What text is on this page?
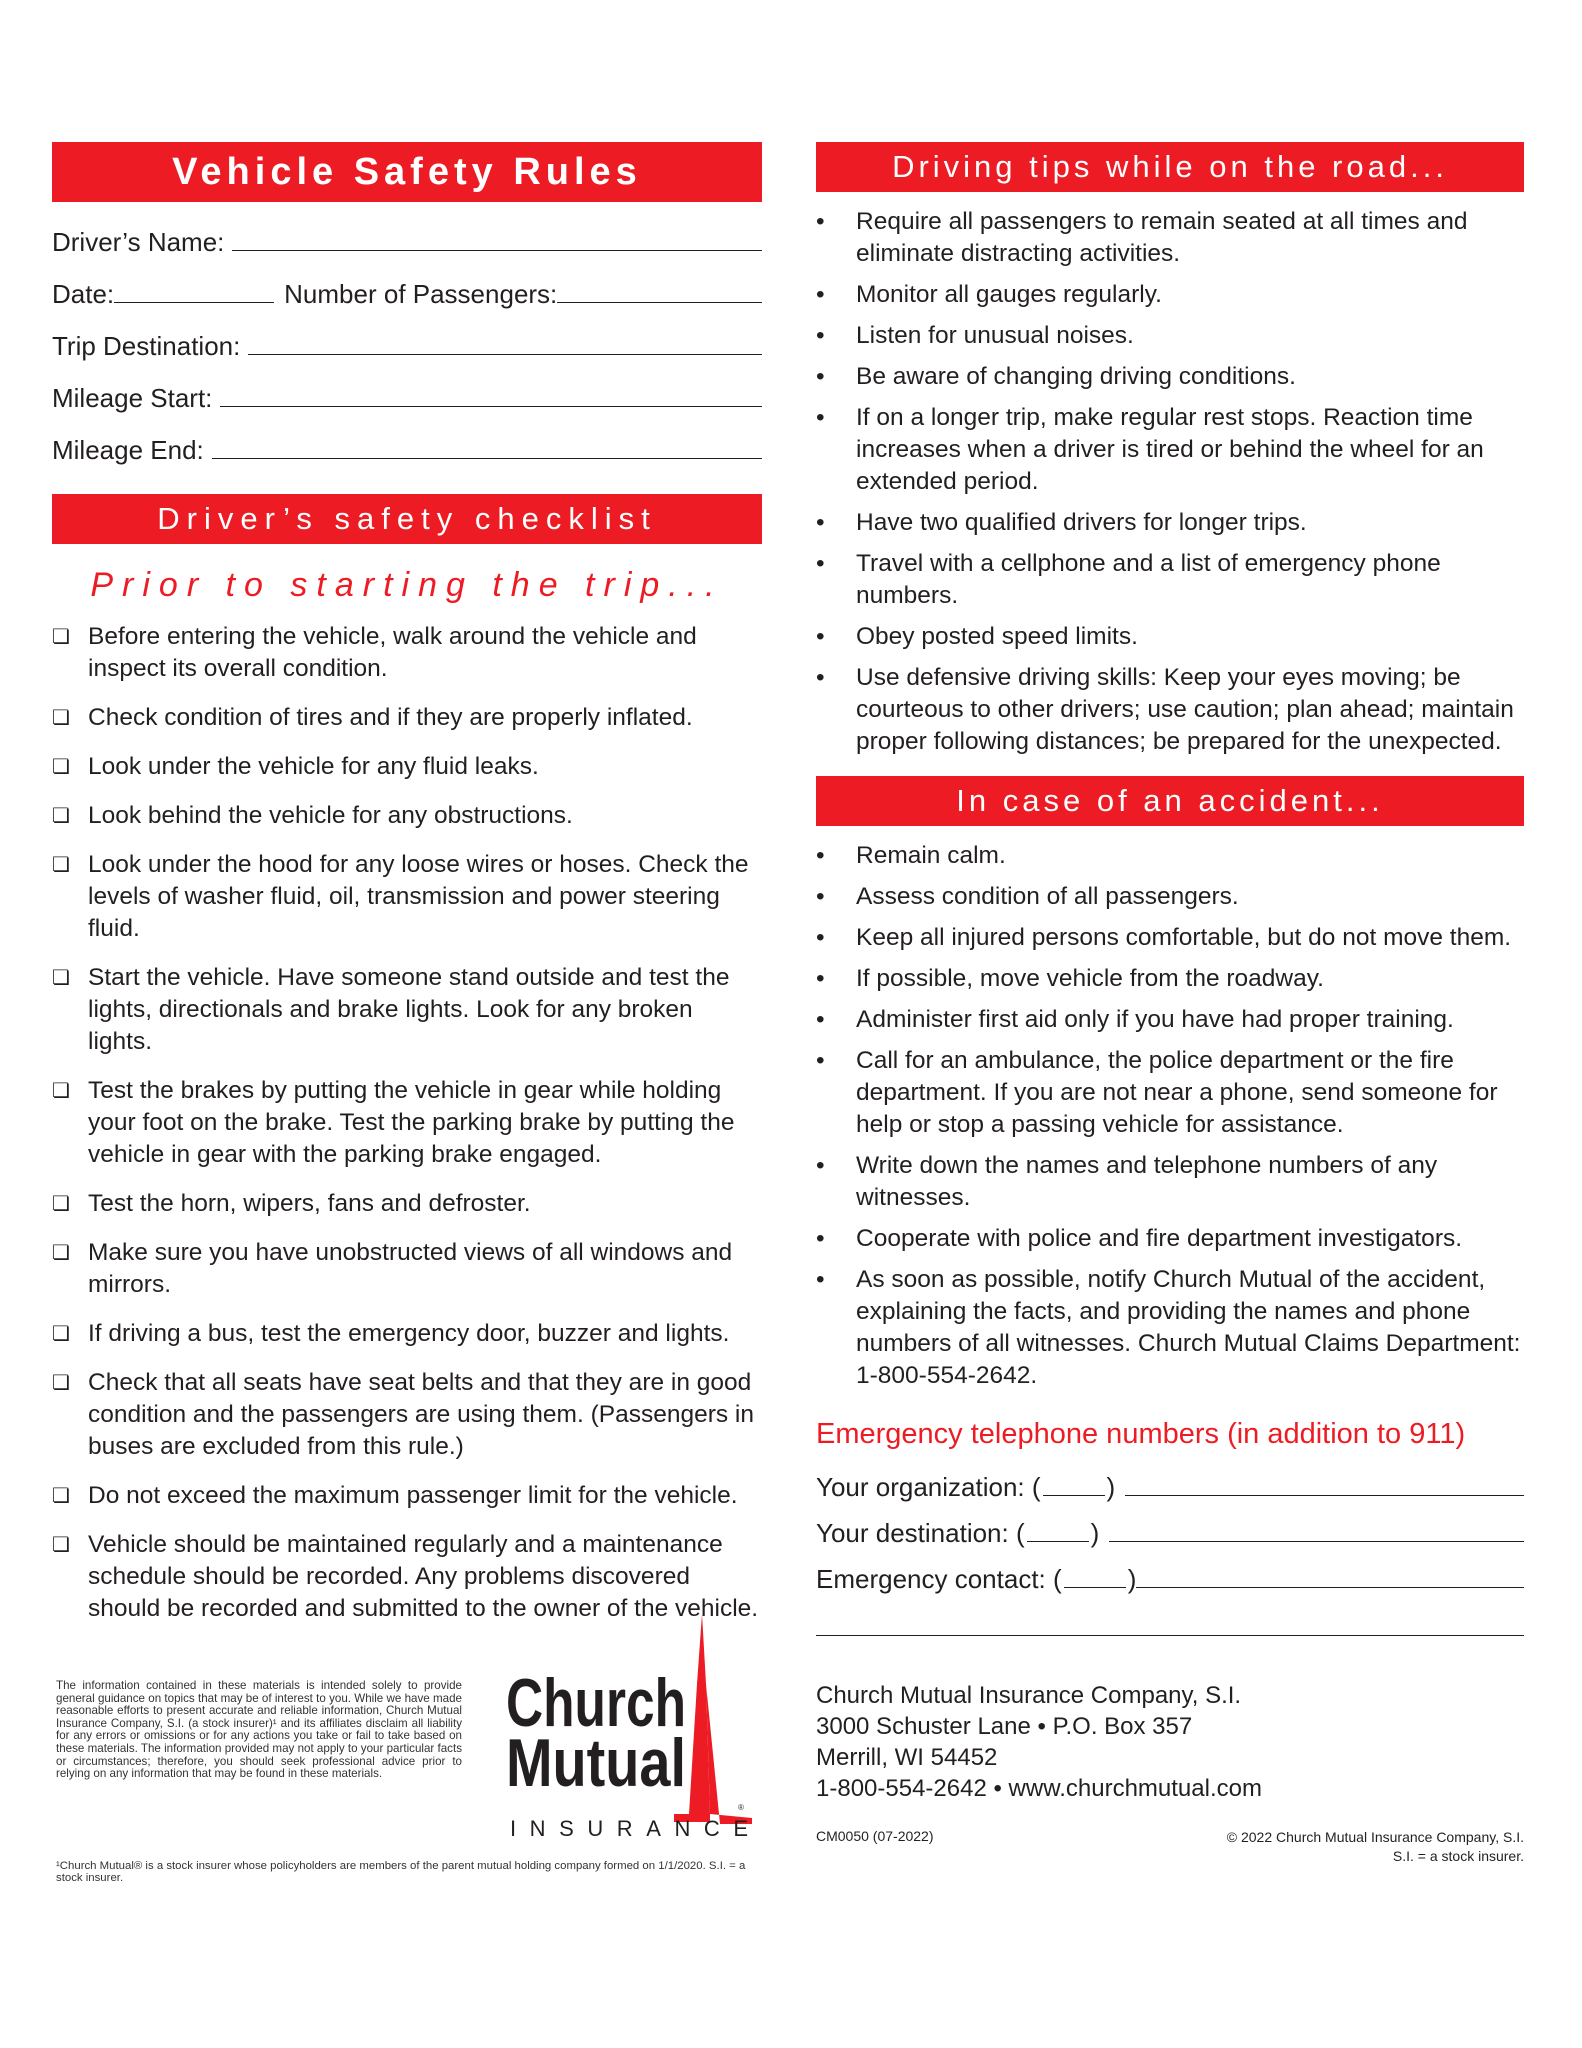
Vehicle Safety Rules
Driver’s Name:
Date:	Number of Passengers:
Trip Destination:
Mileage Start:
Mileage End:
Driver’s safety checklist
Prior to starting the trip...
❏ Before entering the vehicle, walk around the vehicle and inspect its overall condition.
❏ Check condition of tires and if they are properly inflated.
❏ Look under the vehicle for any fluid leaks.
❏ Look behind the vehicle for any obstructions.
❏ Look under the hood for any loose wires or hoses. Check the levels of washer fluid, oil, transmission and power steering fluid.
❏ Start the vehicle. Have someone stand outside and test the lights, directionals and brake lights. Look for any broken lights.
❏ Test the brakes by putting the vehicle in gear while holding your foot on the brake. Test the parking brake by putting the vehicle in gear with the parking brake engaged.
❏ Test the horn, wipers, fans and defroster.
❏ Make sure you have unobstructed views of all windows and mirrors.
❏ If driving a bus, test the emergency door, buzzer and lights.
❏ Check that all seats have seat belts and that they are in good condition and the passengers are using them. (Passengers in buses are excluded from this rule.)
❏ Do not exceed the maximum passenger limit for the vehicle.
❏ Vehicle should be maintained regularly and a maintenance schedule should be recorded. Any problems discovered should be recorded and submitted to the owner of the vehicle.
Driving tips while on the road...
•	Require all passengers to remain seated at all times and eliminate distracting activities.
•	Monitor all gauges regularly.
•	Listen for unusual noises.
•	Be aware of changing driving conditions.
•	If on a longer trip, make regular rest stops. Reaction time increases when a driver is tired or behind the wheel for an extended period.
•	Have two qualified drivers for longer trips.
•	Travel with a cellphone and a list of emergency phone numbers.
•	Obey posted speed limits.
•	Use defensive driving skills: Keep your eyes moving; be courteous to other drivers; use caution; plan ahead; maintain proper following distances; be prepared for the unexpected.
In case of an accident...
•	Remain calm.
•	Assess condition of all passengers.
•	Keep all injured persons comfortable, but do not move them.
•	If possible, move vehicle from the roadway.
•	Administer first aid only if you have had proper training.
•	Call for an ambulance, the police department or the fire department. If you are not near a phone, send someone for help or stop a passing vehicle for assistance.
•	Write down the names and telephone numbers of any witnesses.
•	Cooperate with police and fire department investigators.
•	As soon as possible, notify Church Mutual of the accident, explaining the facts, and providing the names and phone numbers of all witnesses. Church Mutual Claims Department: 1-800-554-2642.
Emergency telephone numbers (in addition to 911)
Your organization:
(	)
Your destination:
(	)
Emergency contact:
(	)
Church Mutual Insurance Company, S.I.
3000 Schuster Lane • P.O. Box 357
Merrill, WI 54452
1-800-554-2642 • www.churchmutual.com
CM0050 (07-2022)	© 2022 Church Mutual Insurance Company, S.I.
S.I. = a stock insurer.
The information contained in these materials is intended solely to provide general guidance on topics that may be of interest to you. While we have made reasonable efforts to present accurate and reliable information, Church Mutual Insurance Company, S.I. (a stock insurer)¹ and its affiliates disclaim all liability for any errors or omissions or for any actions you take or fail to take based on these materials. The information provided may not apply to your particular facts or circumstances; therefore, you should seek professional advice prior to relying on any information that may be found in these materials.
¹Church Mutual® is a stock insurer whose policyholders are members of the parent mutual holding company formed on 1/1/2020. S.I. = a stock insurer.
Church
Mutual
®
INSURANCE
